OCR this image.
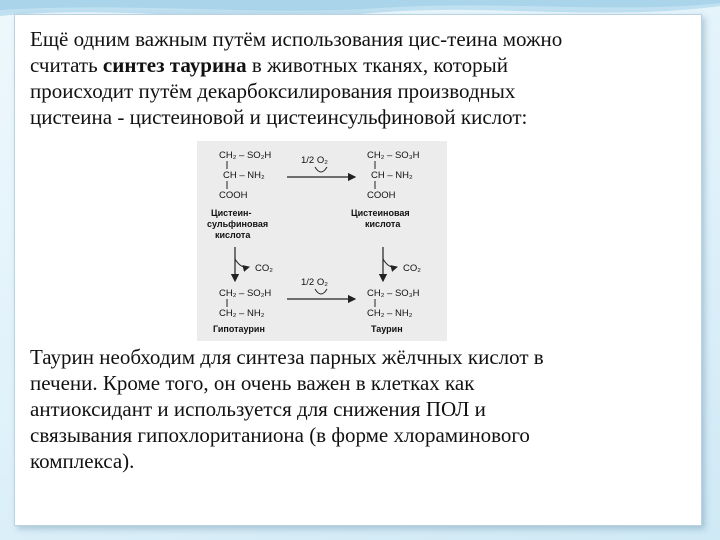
Ещё одним важным путём использования цис-теина можно
считать синтез таурина в животных тканях, который
происходит путём декарбоксилирования производных
цистеина - цистеиновой и цистеинсульфиновой кислот:
CH₂ – SO₂H
CH – NH₂
COOH
Цистеин-
сульфиновая
кислота
1/2 O₂	CH₂ – SO₃H
CH – NH₂
COOH
Цистеиновая
кислота
CO₂	CO₂
CH₂ – SO₂H
CH₂ – NH₂
Гипотаурин
1/2 O₂
CH₂ – SO₃H
CH₂ – NH₂
Таурин
Таурин необходим для синтеза парных жёлчных кислот в
печени. Кроме того, он очень важен в клетках как
антиоксидант и используется для снижения ПОЛ и
связывания гипохлоританиона (в форме хлораминового
комплекса).
